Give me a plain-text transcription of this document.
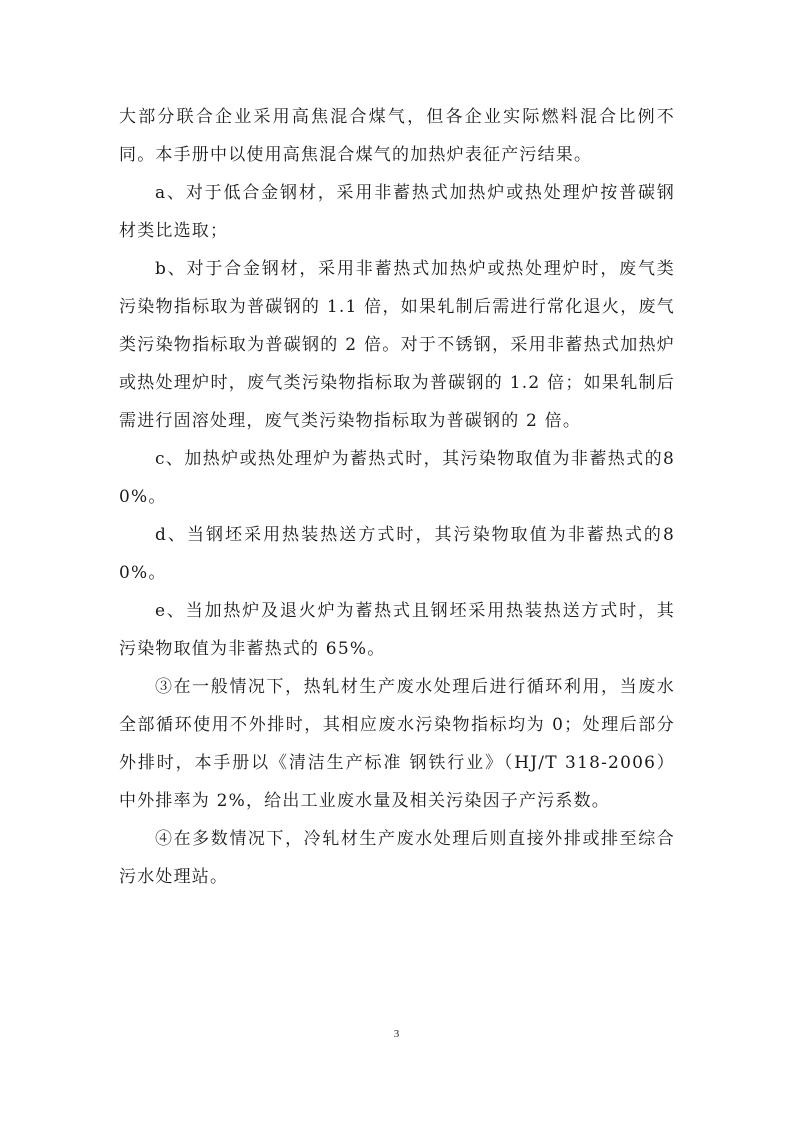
大部分联合企业采用高焦混合煤气，但各企业实际燃料混合比例不同。本手册中以使用高焦混合煤气的加热炉表征产污结果。

a、对于低合金钢材，采用非蓄热式加热炉或热处理炉按普碳钢材类比选取；

b、对于合金钢材，采用非蓄热式加热炉或热处理炉时，废气类污染物指标取为普碳钢的 1.1 倍，如果轧制后需进行常化退火，废气类污染物指标取为普碳钢的 2 倍。对于不锈钢，采用非蓄热式加热炉或热处理炉时，废气类污染物指标取为普碳钢的 1.2 倍；如果轧制后需进行固溶处理，废气类污染物指标取为普碳钢的 2 倍。

c、加热炉或热处理炉为蓄热式时，其污染物取值为非蓄热式的80%。

d、当钢坯采用热装热送方式时，其污染物取值为非蓄热式的80%。

e、当加热炉及退火炉为蓄热式且钢坯采用热装热送方式时，其污染物取值为非蓄热式的 65%。

③在一般情况下，热轧材生产废水处理后进行循环利用，当废水全部循环使用不外排时，其相应废水污染物指标均为 0；处理后部分外排时，本手册以《清洁生产标准 钢铁行业》（HJ/T 318-2006）中外排率为 2%，给出工业废水量及相关污染因子产污系数。

④在多数情况下，冷轧材生产废水处理后则直接外排或排至综合污水处理站。

3
